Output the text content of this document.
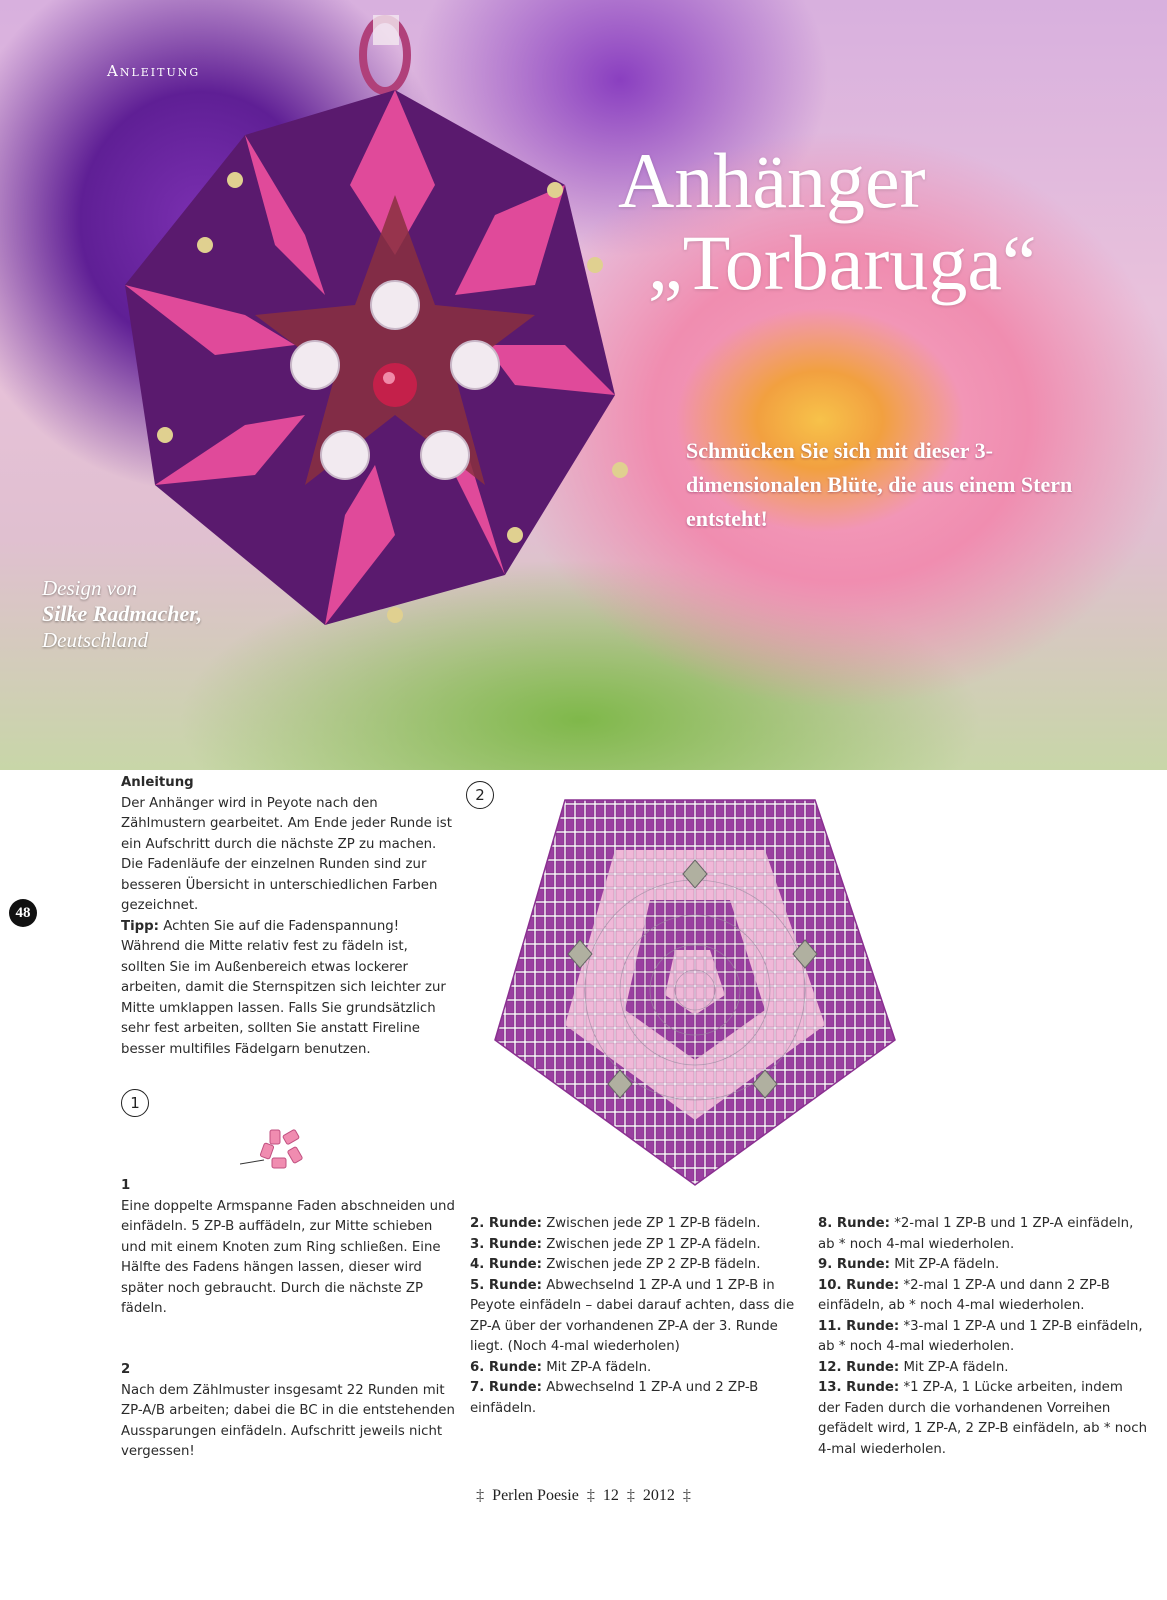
Anleitung
Anhänger
„Torbaruga“
Schmücken Sie sich mit dieser 3-dimensionalen Blüte, die aus einem Stern entsteht!
Design von
Silke Radmacher,
Deutschland
48
Anleitung
Der Anhänger wird in Peyote nach den Zählmustern gearbeitet. Am Ende jeder Runde ist ein Aufschritt durch die nächste ZP zu machen. Die Fadenläufe der einzelnen Runden sind zur besseren Übersicht in unterschiedlichen Farben gezeichnet.
Tipp: Achten Sie auf die Fadenspannung! Während die Mitte relativ fest zu fädeln ist, sollten Sie im Außenbereich etwas lockerer arbeiten, damit die Sternspitzen sich leichter zur Mitte umklappen lassen. Falls Sie grundsätzlich sehr fest arbeiten, sollten Sie anstatt Fireline besser multifiles Fädelgarn benutzen.
1
2
1
Eine doppelte Armspanne Faden abschneiden und einfädeln. 5 ZP-B auffädeln, zur Mitte schieben und mit einem Knoten zum Ring schließen. Eine Hälfte des Fadens hängen lassen, dieser wird später noch gebraucht. Durch die nächste ZP fädeln.
2
Nach dem Zählmuster insgesamt 22 Runden mit ZP-A/B arbeiten; dabei die BC in die entstehenden Aussparungen einfädeln. Aufschritt jeweils nicht vergessen!
2. Runde: Zwischen jede ZP 1 ZP-B fädeln.
3. Runde: Zwischen jede ZP 1 ZP-A fädeln.
4. Runde: Zwischen jede ZP 2 ZP-B fädeln.
5. Runde: Abwechselnd 1 ZP-A und 1 ZP-B in Peyote einfädeln – dabei darauf achten, dass die ZP-A über der vorhandenen ZP-A der 3. Runde liegt. (Noch 4-mal wiederholen)
6. Runde: Mit ZP-A fädeln.
7. Runde: Abwechselnd 1 ZP-A und 2 ZP-B einfädeln.
8. Runde: *2-mal 1 ZP-B und 1 ZP-A einfädeln, ab * noch 4-mal wiederholen.
9. Runde: Mit ZP-A fädeln.
10. Runde: *2-mal 1 ZP-A und dann 2 ZP-B einfädeln, ab * noch 4-mal wiederholen.
11. Runde: *3-mal 1 ZP-A und 1 ZP-B einfädeln, ab * noch 4-mal wiederholen.
12. Runde: Mit ZP-A fädeln.
13. Runde: *1 ZP-A, 1 Lücke arbeiten, indem der Faden durch die vorhandenen Vorreihen gefädelt wird, 1 ZP-A, 2 ZP-B einfädeln, ab * noch 4-mal wiederholen.
‡ Perlen Poesie ‡ 12 ‡ 2012 ‡
